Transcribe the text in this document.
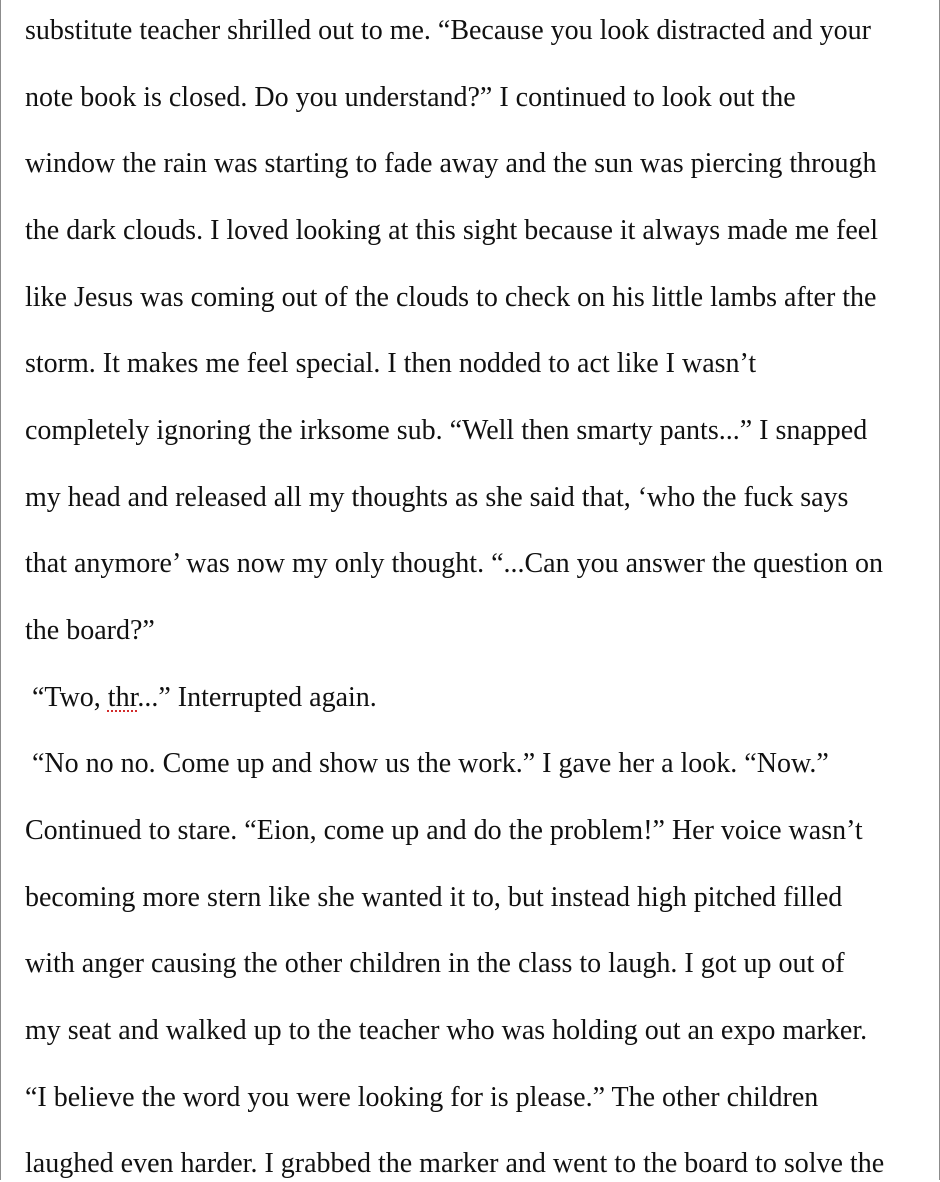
substitute teacher shrilled out to me. “Because you look distracted and your
note book is closed. Do you understand?” I continued to look out the
window the rain was starting to fade away and the sun was piercing through
the dark clouds. I loved looking at this sight because it always made me feel
like Jesus was coming out of the clouds to check on his little lambs after the
storm. It makes me feel special. I then nodded to act like I wasn’t
completely ignoring the irksome sub. “Well then smarty pants...” I snapped
my head and released all my thoughts as she said that, ‘who the fuck says
that anymore’ was now my only thought. “...Can you answer the question on
the board?”
“Two, thr...” Interrupted again.
“No no no. Come up and show us the work.” I gave her a look. “Now.”
Continued to stare. “Eion, come up and do the problem!” Her voice wasn’t
becoming more stern like she wanted it to, but instead high pitched filled
with anger causing the other children in the class to laugh. I got up out of
my seat and walked up to the teacher who was holding out an expo marker.
“I believe the word you were looking for is please.” The other children
laughed even harder. I grabbed the marker and went to the board to solve the
